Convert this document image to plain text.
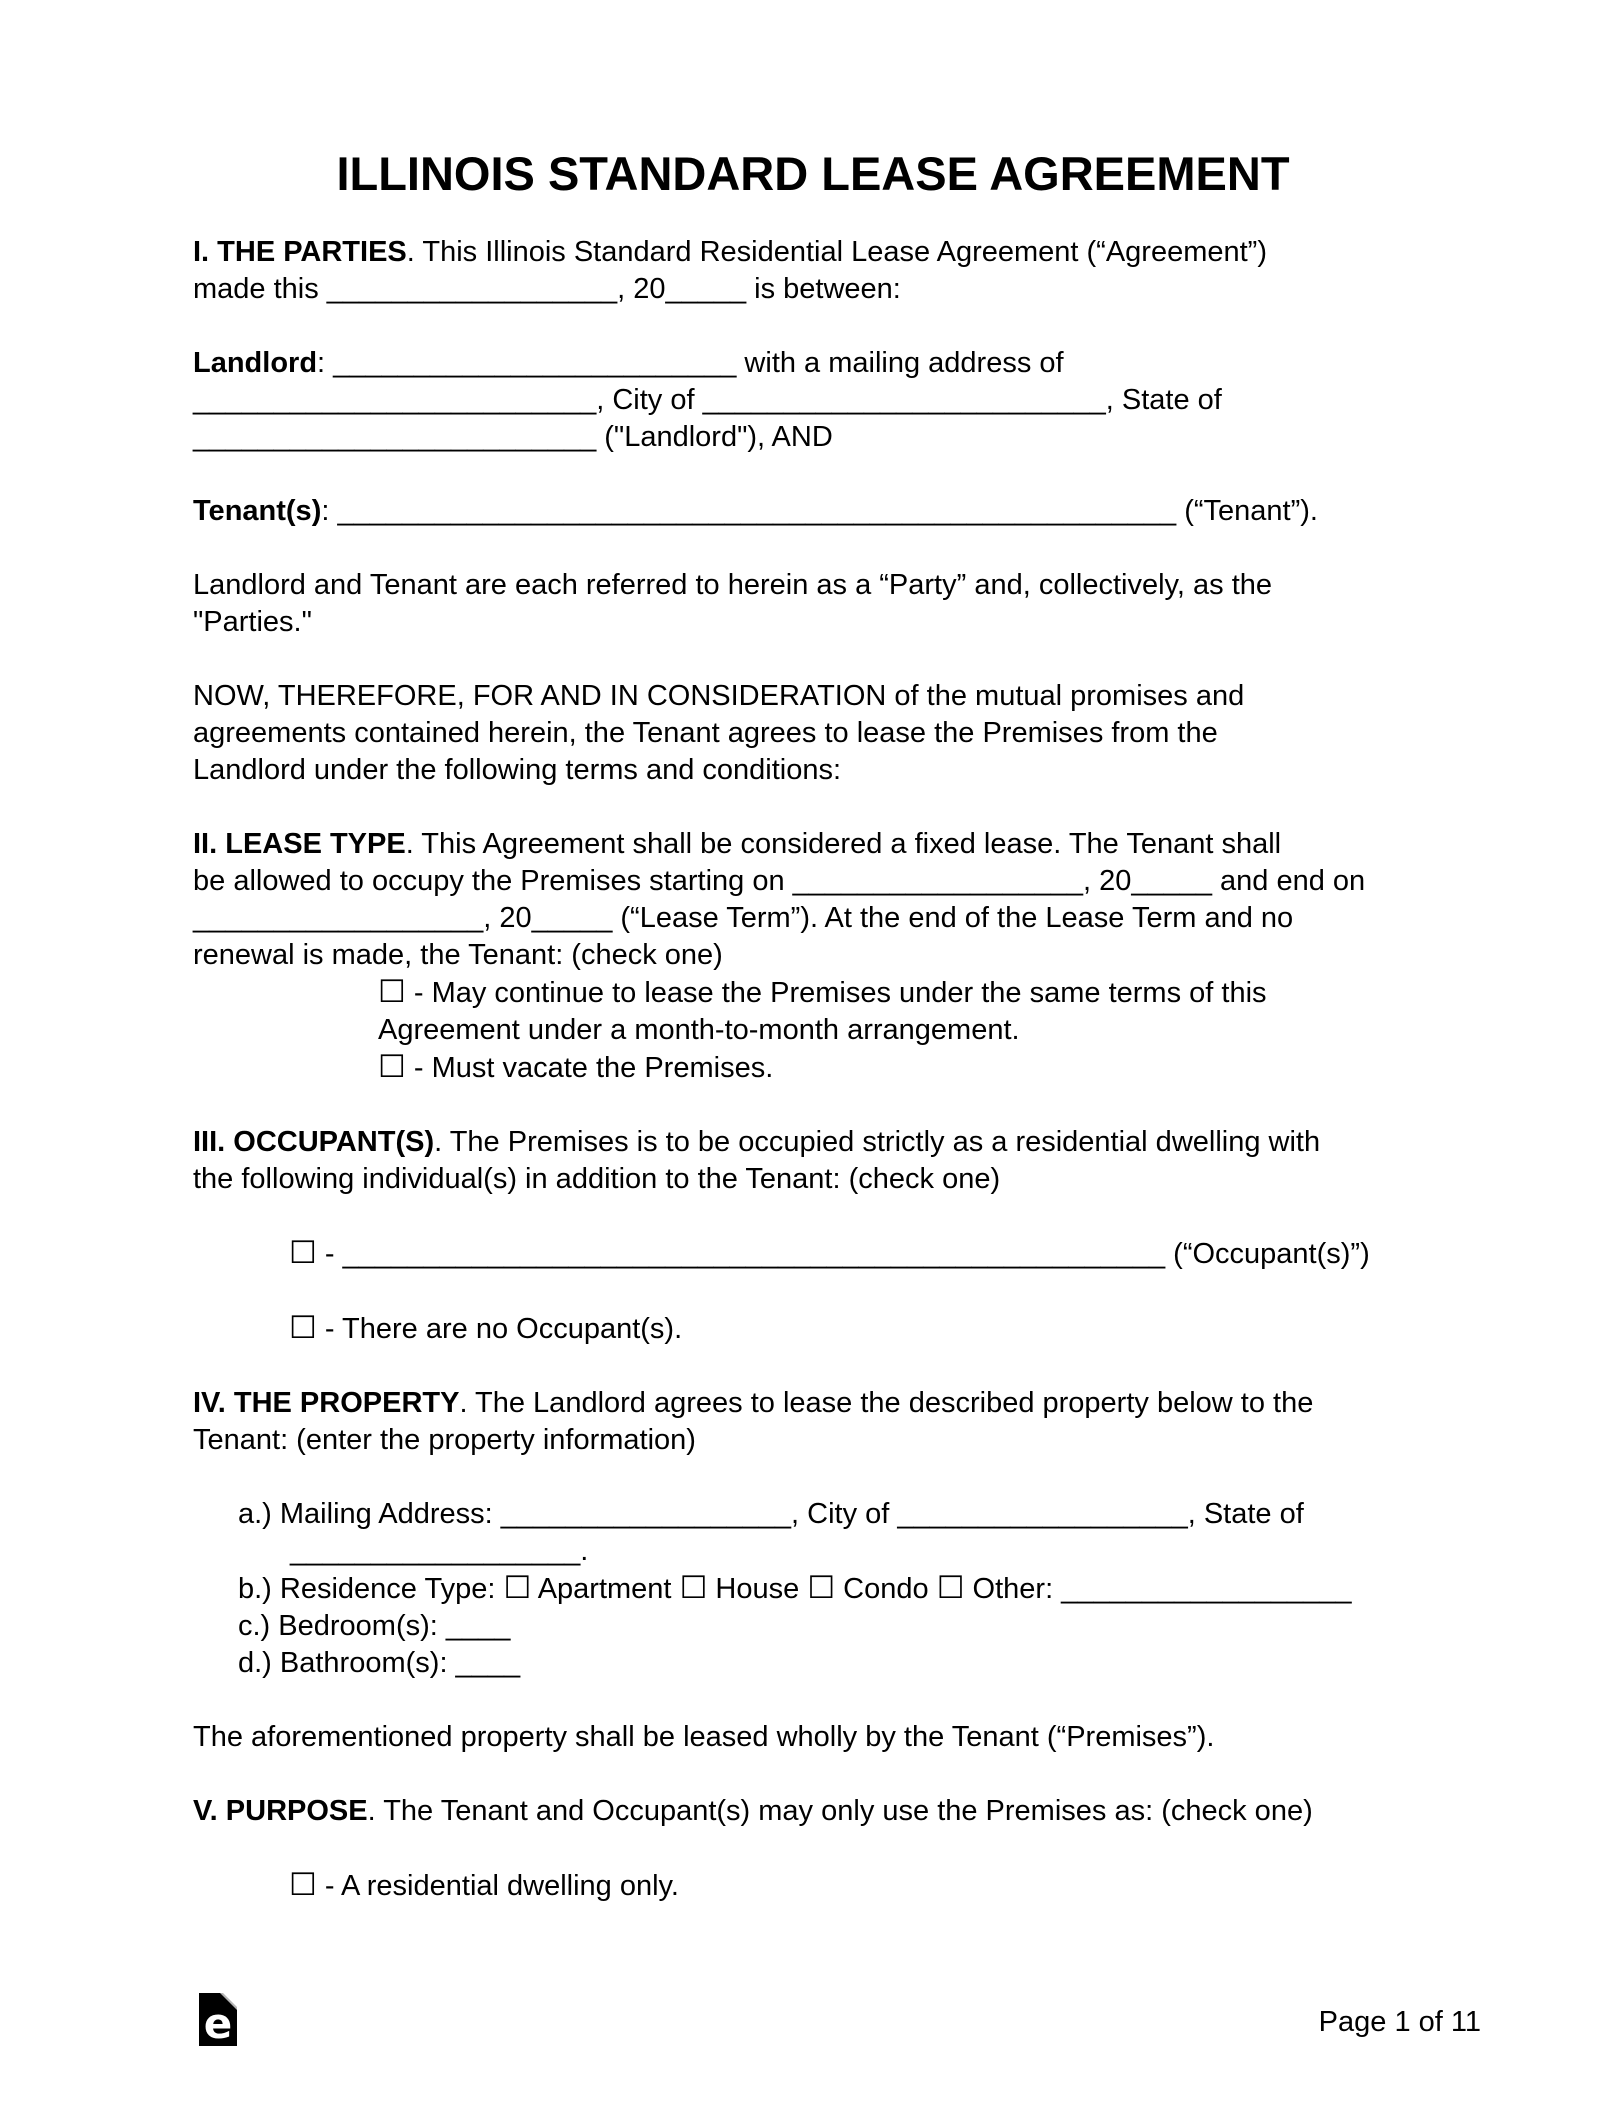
ILLINOIS STANDARD LEASE AGREEMENT
I. THE PARTIES. This Illinois Standard Residential Lease Agreement (“Agreement”)
made this __________________, 20_____ is between:
Landlord: _________________________ with a mailing address of
_________________________, City of _________________________, State of
_________________________ ("Landlord"), AND
Tenant(s): ____________________________________________________ (“Tenant”).
Landlord and Tenant are each referred to herein as a “Party” and, collectively, as the
"Parties."
NOW, THEREFORE, FOR AND IN CONSIDERATION of the mutual promises and
agreements contained herein, the Tenant agrees to lease the Premises from the
Landlord under the following terms and conditions:
II. LEASE TYPE. This Agreement shall be considered a fixed lease. The Tenant shall
be allowed to occupy the Premises starting on __________________, 20_____ and end on
__________________, 20_____ (“Lease Term”). At the end of the Lease Term and no
renewal is made, the Tenant: (check one)
☐ - May continue to lease the Premises under the same terms of this
Agreement under a month-to-month arrangement.
☐ - Must vacate the Premises.
III. OCCUPANT(S). The Premises is to be occupied strictly as a residential dwelling with
the following individual(s) in addition to the Tenant: (check one)
☐ - ___________________________________________________ (“Occupant(s)”)
☐ - There are no Occupant(s).
IV. THE PROPERTY. The Landlord agrees to lease the described property below to the
Tenant: (enter the property information)
a.) Mailing Address: __________________, City of __________________, State of
__________________.
b.) Residence Type: ☐ Apartment ☐ House ☐ Condo ☐ Other: __________________
c.) Bedroom(s): ____
d.) Bathroom(s): ____
The aforementioned property shall be leased wholly by the Tenant (“Premises”).
V. PURPOSE. The Tenant and Occupant(s) may only use the Premises as: (check one)
☐ - A residential dwelling only.
e	Page 1 of 11
